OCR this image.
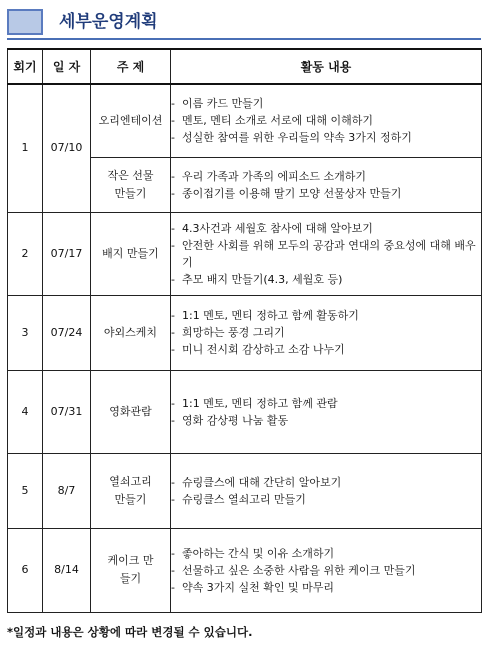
세부운영계획
회기	일 자	주 제	활동 내용
1	07/10	오리엔테이션	- 이름 카드 만들기
- 멘토, 멘티 소개로 서로에 대해 이해하기
- 성실한 참여를 위한 우리들의 약속 3가지 정하기

		작은 선물 만들기	- 우리 가족과 가족의 에피소드 소개하기
- 종이접기를 이용해 딸기 모양 선물상자 만들기

2	07/17	배지 만들기	- 4.3사건과 세월호 참사에 대해 알아보기
- 안전한 사회를 위해 모두의 공감과 연대의 중요성에 대해 배우기
- 추모 배지 만들기(4.3, 세월호 등)

3	07/24	야외스케치	- 1:1 멘토, 멘티 정하고 함께 활동하기
- 희망하는 풍경 그리기
- 미니 전시회 감상하고 소감 나누기

4	07/31	영화관람	- 1:1 멘토, 멘티 정하고 함께 관람
- 영화 감상평 나눔 활동

5	8/7	열쇠고리 만들기	- 슈링클스에 대해 간단히 알아보기
- 슈링클스 열쇠고리 만들기

6	8/14	케이크 만들기	- 좋아하는 간식 및 이유 소개하기
- 선물하고 싶은 소중한 사람을 위한 케이크 만들기
- 약속 3가지 실천 확인 및 마무리
*일정과 내용은 상황에 따라 변경될 수 있습니다.
